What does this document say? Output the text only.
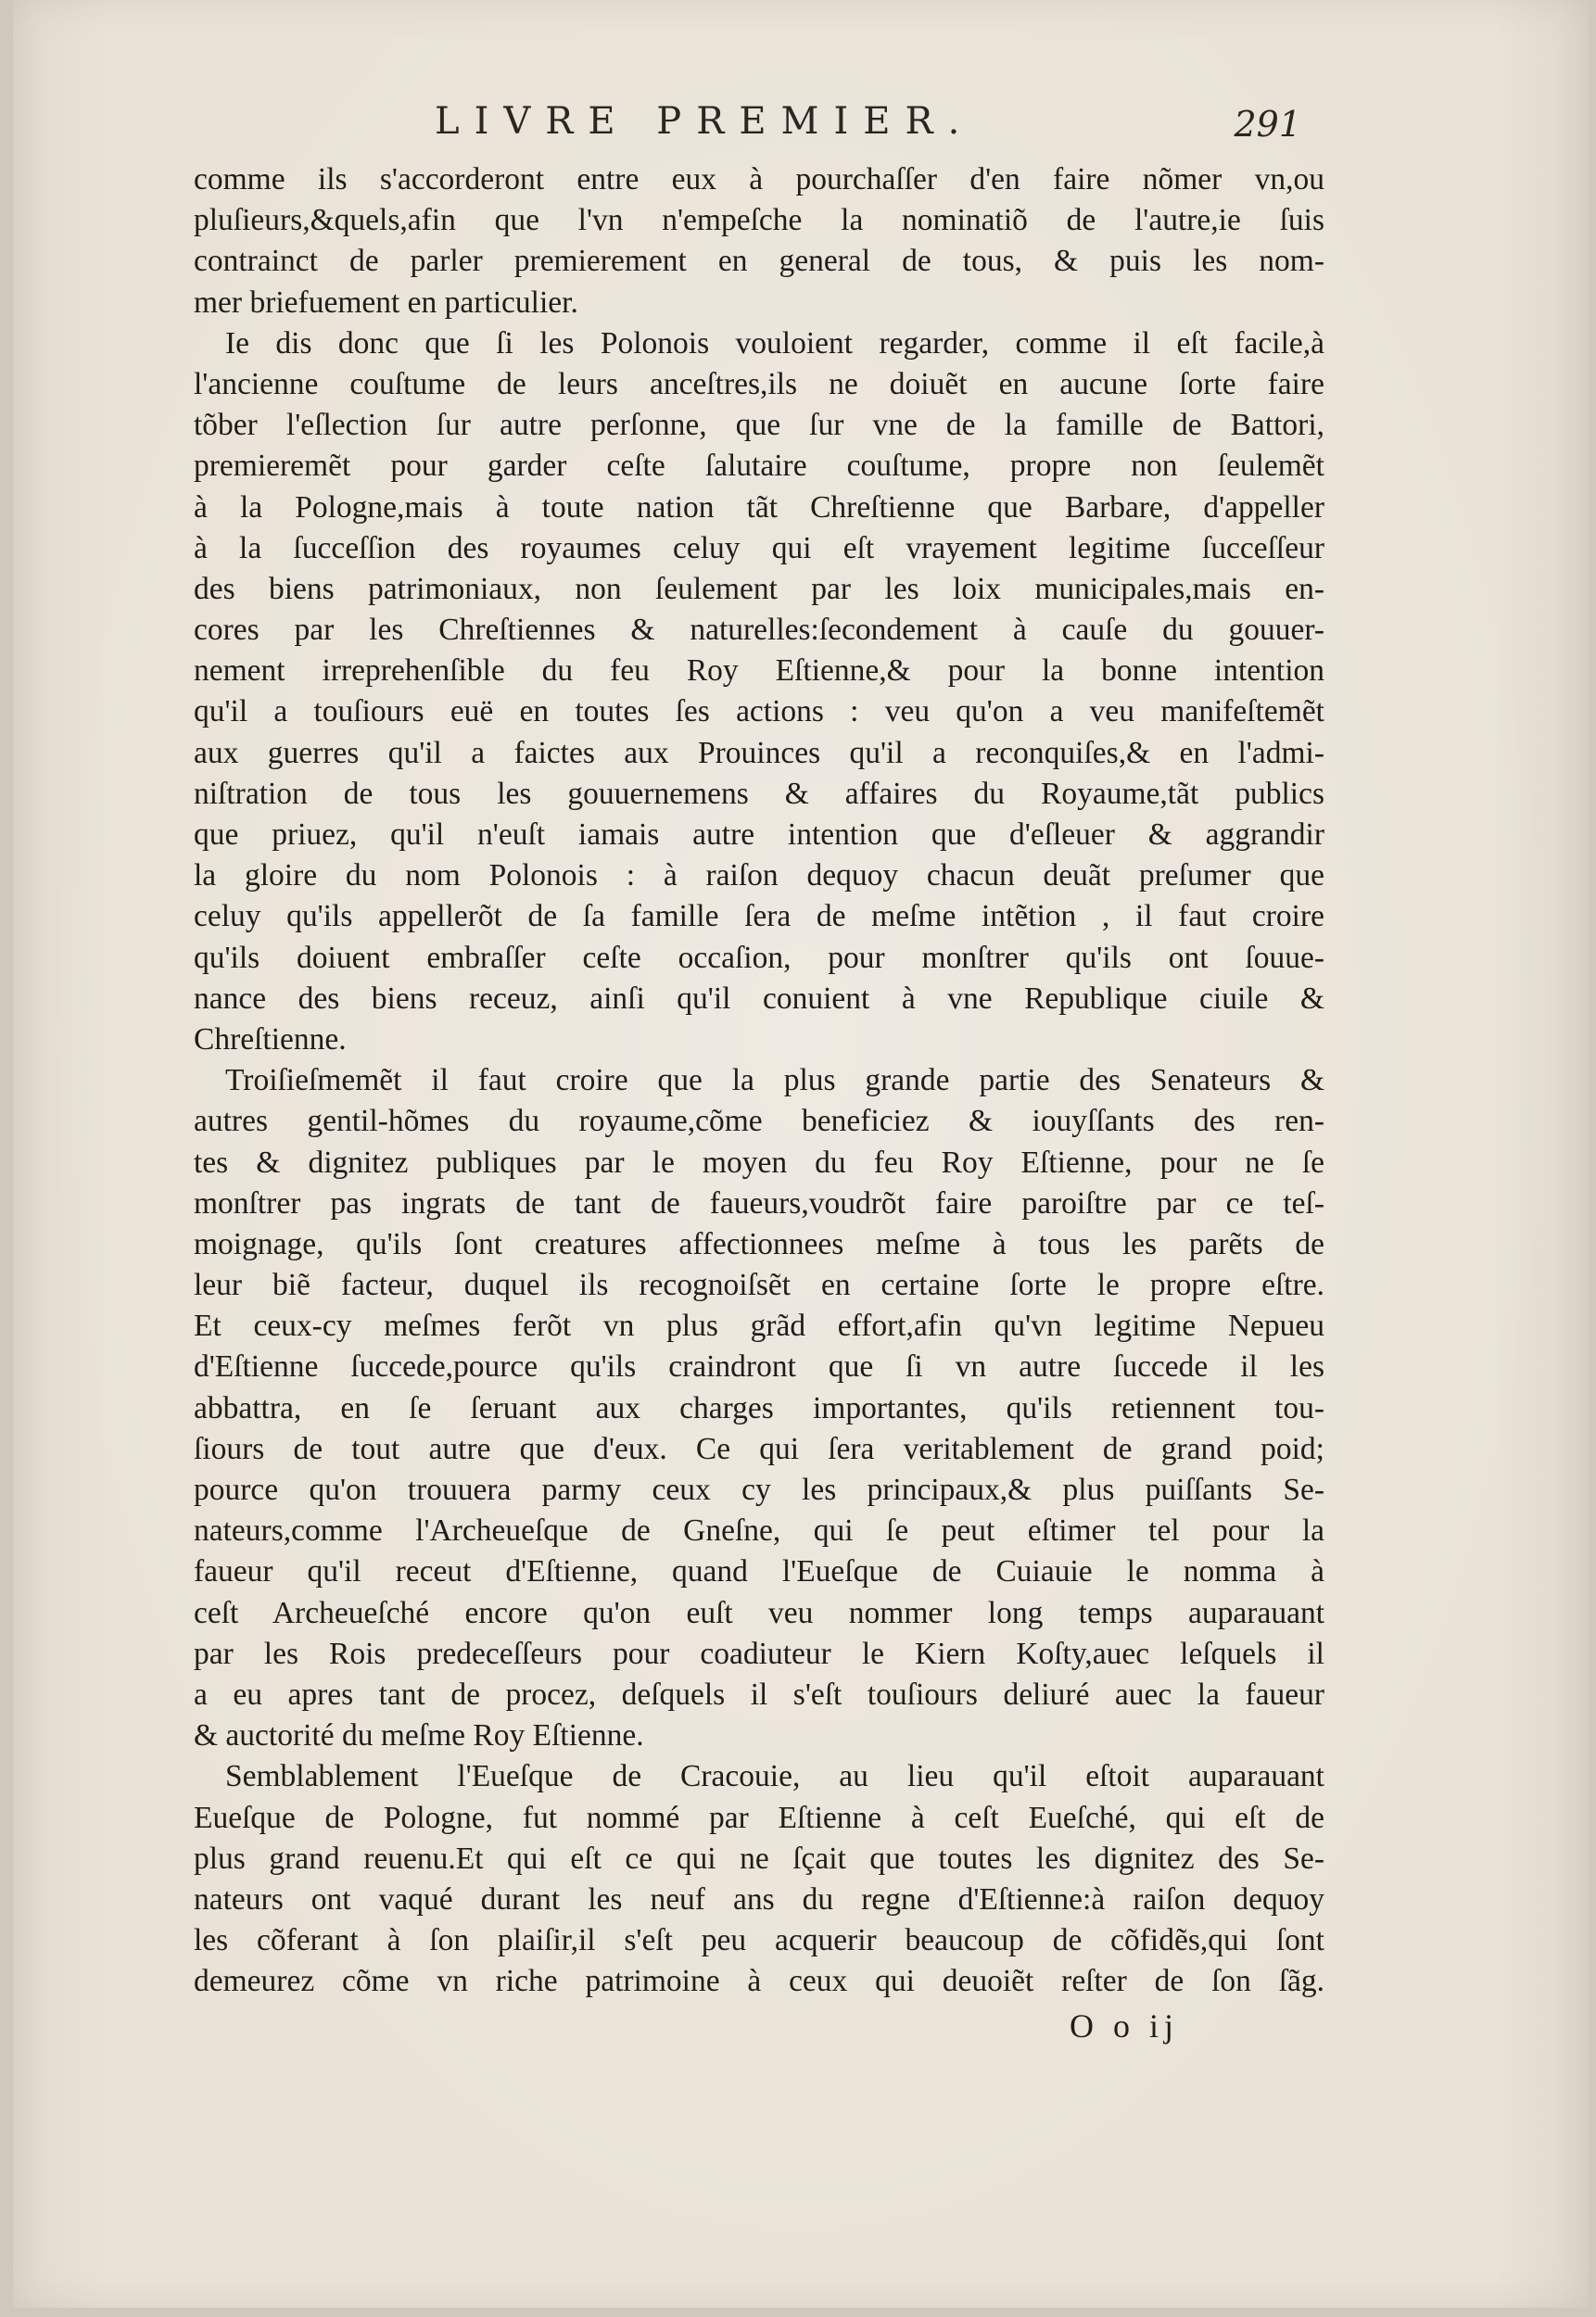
LIVRE PREMIER.	291
comme ils s'accorderont entre eux à pourchaſſer d'en faire nõmer vn,ou
pluſieurs,&quels,afin que l'vn n'empeſche la nominatiõ de l'autre,ie ſuis
contrainct de parler premierement en general de tous, & puis les nom-
mer briefuement en particulier.
Ie dis donc que ſi les Polonois vouloient regarder, comme il eſt facile,à
l'ancienne couſtume de leurs anceſtres,ils ne doiuẽt en aucune ſorte faire
tõber l'eſlection ſur autre perſonne, que ſur vne de la famille de Battori,
premieremẽt pour garder ceſte ſalutaire couſtume, propre non ſeulemẽt
à la Pologne,mais à toute nation tãt Chreſtienne que Barbare, d'appeller
à la ſucceſſion des royaumes celuy qui eſt vrayement legitime ſucceſſeur
des biens patrimoniaux, non ſeulement par les loix municipales,mais en-
cores par les Chreſtiennes & naturelles:ſecondement à cauſe du gouuer-
nement irreprehenſible du feu Roy Eſtienne,& pour la bonne intention
qu'il a touſiours euë en toutes ſes actions : veu qu'on a veu manifeſtemẽt
aux guerres qu'il a faictes aux Prouinces qu'il a reconquiſes,& en l'admi-
niſtration de tous les gouuernemens & affaires du Royaume,tãt publics
que priuez, qu'il n'euſt iamais autre intention que d'eſleuer & aggrandir
la gloire du nom Polonois : à raiſon dequoy chacun deuãt preſumer que
celuy qu'ils appellerõt de ſa famille ſera de meſme intẽtion , il faut croire
qu'ils doiuent embraſſer ceſte occaſion, pour monſtrer qu'ils ont ſouue-
nance des biens receuz, ainſi qu'il conuient à vne Republique ciuile &
Chreſtienne.
Troiſieſmemẽt il faut croire que la plus grande partie des Senateurs &
autres gentil-hõmes du royaume,cõme beneficiez & iouyſſants des ren-
tes & dignitez publiques par le moyen du feu Roy Eſtienne, pour ne ſe
monſtrer pas ingrats de tant de faueurs,voudrõt faire paroiſtre par ce teſ-
moignage, qu'ils ſont creatures affectionnees meſme à tous les parẽts de
leur biẽ facteur, duquel ils recognoiſsẽt en certaine ſorte le propre eſtre.
Et ceux-cy meſmes ferõt vn plus grãd effort,afin qu'vn legitime Nepueu
d'Eſtienne ſuccede,pource qu'ils craindront que ſi vn autre ſuccede il les
abbattra, en ſe ſeruant aux charges importantes, qu'ils retiennent tou-
ſiours de tout autre que d'eux. Ce qui ſera veritablement de grand poid;
pource qu'on trouuera parmy ceux cy les principaux,& plus puiſſants Se-
nateurs,comme l'Archeueſque de Gneſne, qui ſe peut eſtimer tel pour la
faueur qu'il receut d'Eſtienne, quand l'Eueſque de Cuiauie le nomma à
ceſt Archeueſché encore qu'on euſt veu nommer long temps auparauant
par les Rois predeceſſeurs pour coadiuteur le Kiern Koſty,auec leſquels il
a eu apres tant de procez, deſquels il s'eſt touſiours deliuré auec la faueur
& auctorité du meſme Roy Eſtienne.
Semblablement l'Eueſque de Cracouie, au lieu qu'il eſtoit auparauant
Eueſque de Pologne, fut nommé par Eſtienne à ceſt Eueſché, qui eſt de
plus grand reuenu.Et qui eſt ce qui ne ſçait que toutes les dignitez des Se-
nateurs ont vaqué durant les neuf ans du regne d'Eſtienne:à raiſon dequoy
les cõferant à ſon plaiſir,il s'eſt peu acquerir beaucoup de cõfidẽs,qui ſont
demeurez cõme vn riche patrimoine à ceux qui deuoiẽt reſter de ſon ſãg.
O o ij
